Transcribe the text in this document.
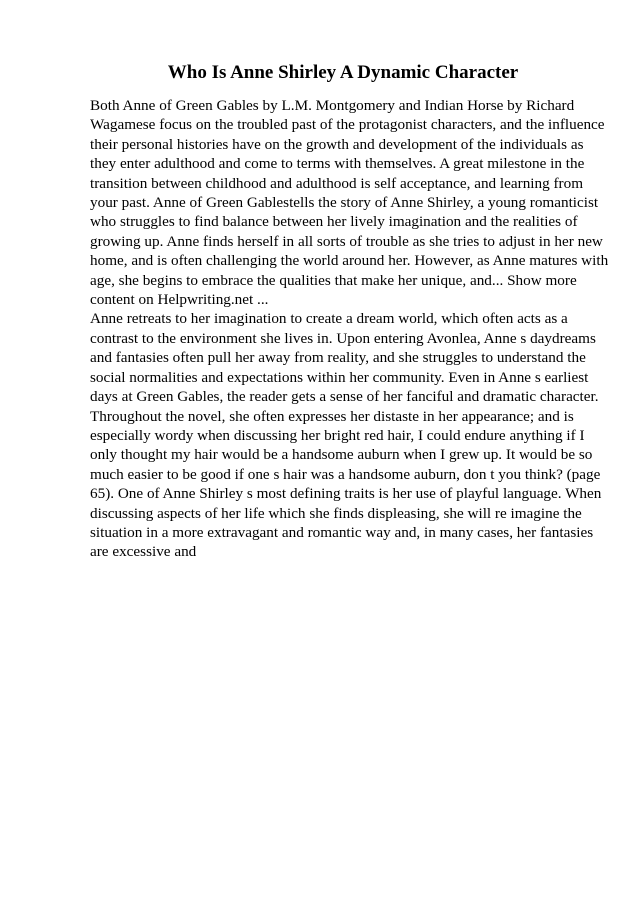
Who Is Anne Shirley A Dynamic Character
Both Anne of Green Gables by L.M. Montgomery and Indian Horse by Richard
Wagamese focus on the troubled past of the protagonist characters, and the influence
their personal histories have on the growth and development of the individuals as
they enter adulthood and come to terms with themselves. A great milestone in the
transition between childhood and adulthood is self acceptance, and learning from
your past. Anne of Green Gablestells the story of Anne Shirley, a young romanticist
who struggles to find balance between her lively imagination and the realities of
growing up. Anne finds herself in all sorts of trouble as she tries to adjust in her new
home, and is often challenging the world around her. However, as Anne matures with
age, she begins to embrace the qualities that make her unique, and... Show more
content on Helpwriting.net ...
Anne retreats to her imagination to create a dream world, which often acts as a
contrast to the environment she lives in. Upon entering Avonlea, Anne s daydreams
and fantasies often pull her away from reality, and she struggles to understand the
social normalities and expectations within her community. Even in Anne s earliest
days at Green Gables, the reader gets a sense of her fanciful and dramatic character.
Throughout the novel, she often expresses her distaste in her appearance; and is
especially wordy when discussing her bright red hair, I could endure anything if I
only thought my hair would be a handsome auburn when I grew up. It would be so
much easier to be good if one s hair was a handsome auburn, don t you think? (page
65). One of Anne Shirley s most defining traits is her use of playful language. When
discussing aspects of her life which she finds displeasing, she will re imagine the
situation in a more extravagant and romantic way and, in many cases, her fantasies
are excessive and
